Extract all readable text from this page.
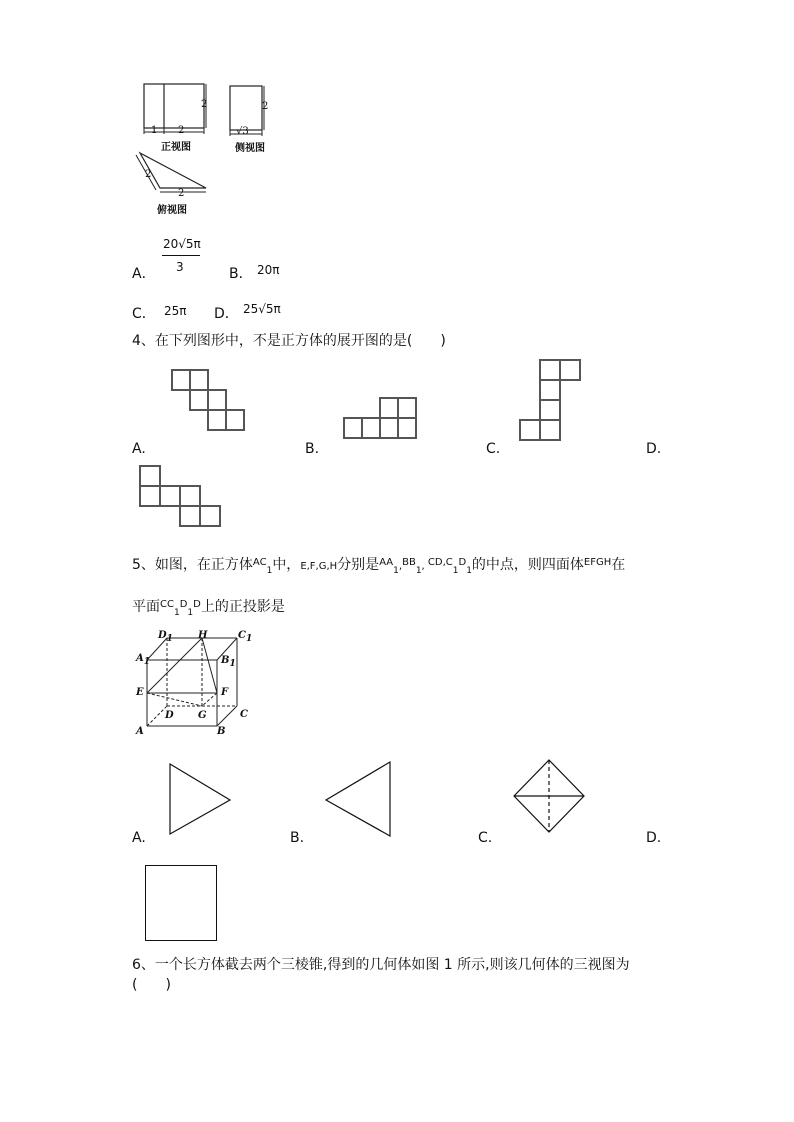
1 2
2
正视图
√3
2
侧视图
2
2
俯视图
A．
20√5π
3	B． 20π
C． 25π D． 25√5π
4、在下列图形中，不是正方体的展开图的是(　　)
A.	B.	C.	D.
5、如图，在正方体$^{AC}_1$中，E,F,G,H分别是$^{AA}_1$,$^{BB}_1$, $^{CD,C}_1^D_1$的中点，则四面体$^{EFGH}$在
平面$^{CC}_1^D_1^D$上的正投影是
D1	H	C1
A1	B1
E	F
D G	C
A	B
A.	B.	C.	D.
6、一个长方体截去两个三棱锥,得到的几何体如图 1 所示,则该几何体的三视图为
(　　)
